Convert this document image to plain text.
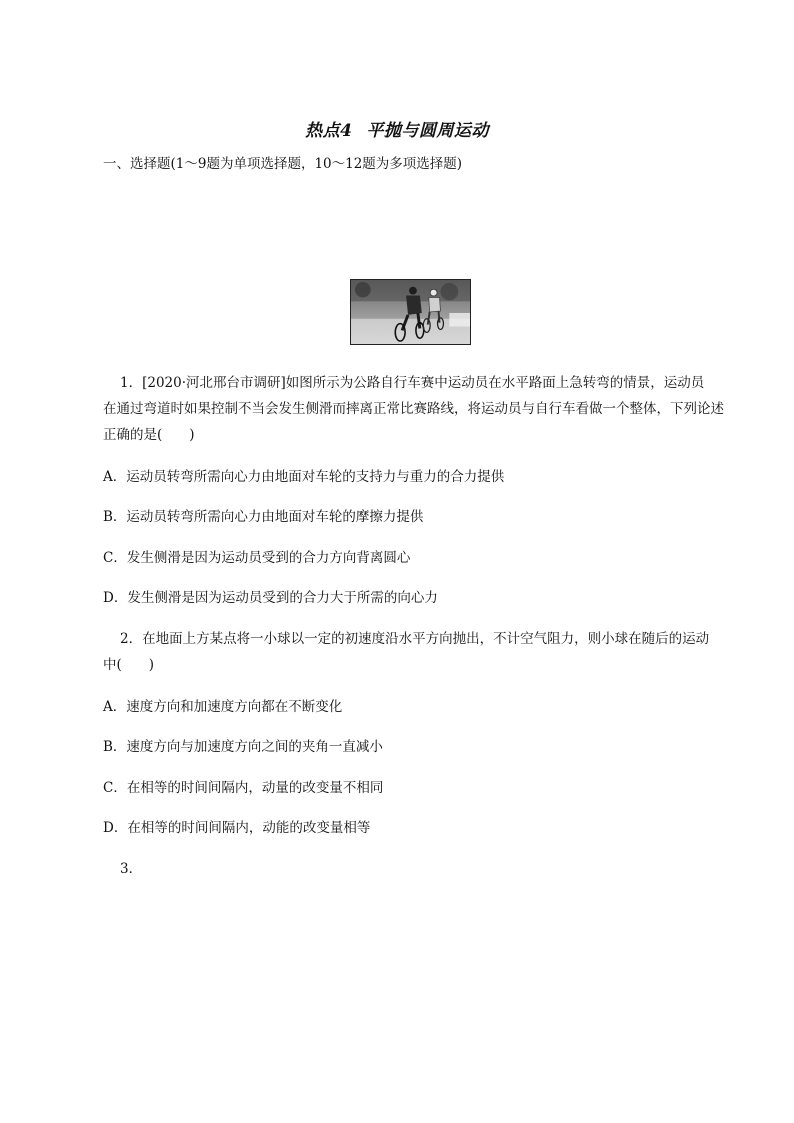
热点4 平抛与圆周运动
一、选择题(1～9题为单项选择题，10～12题为多项选择题)
1．[2020·河北邢台市调研]如图所示为公路自行车赛中运动员在水平路面上急转弯的情景，运动员
在通过弯道时如果控制不当会发生侧滑而摔离正常比赛路线，将运动员与自行车看做一个整体，下列论述
正确的是(　　)
A．运动员转弯所需向心力由地面对车轮的支持力与重力的合力提供
B．运动员转弯所需向心力由地面对车轮的摩擦力提供
C．发生侧滑是因为运动员受到的合力方向背离圆心
D．发生侧滑是因为运动员受到的合力大于所需的向心力
2．在地面上方某点将一小球以一定的初速度沿水平方向抛出，不计空气阻力，则小球在随后的运动
中(　　)
A．速度方向和加速度方向都在不断变化
B．速度方向与加速度方向之间的夹角一直减小
C．在相等的时间间隔内，动量的改变量不相同
D．在相等的时间间隔内，动能的改变量相等
3．
